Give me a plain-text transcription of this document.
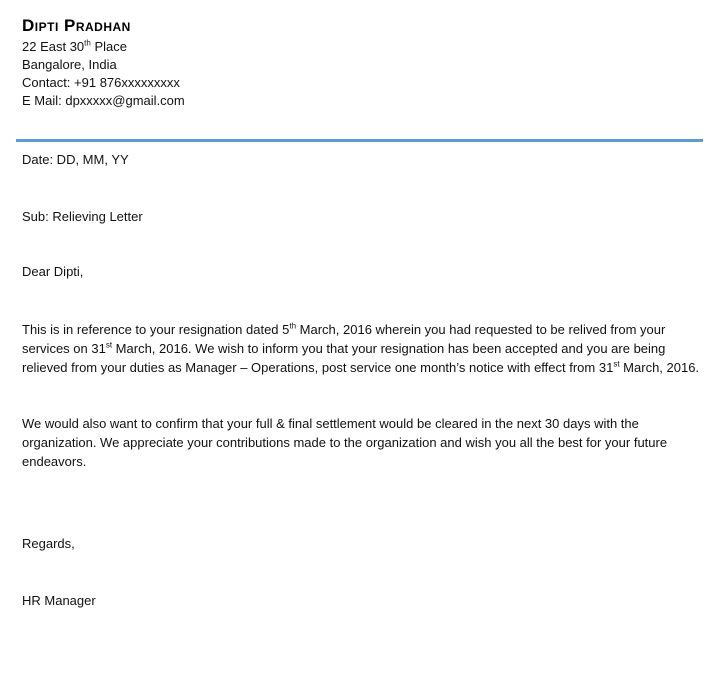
Dipti Pradhan
22 East 30th Place
Bangalore, India
Contact: +91 876xxxxxxxxx
E Mail: dpxxxxx@gmail.com
Date: DD, MM, YY
Sub: Relieving Letter
Dear Dipti,
This is in reference to your resignation dated 5th March, 2016 wherein you had requested to be relived from your services on 31st March, 2016. We wish to inform you that your resignation has been accepted and you are being relieved from your duties as Manager – Operations, post service one month’s notice with effect from 31st March, 2016.
We would also want to confirm that your full & final settlement would be cleared in the next 30 days with the organization. We appreciate your contributions made to the organization and wish you all the best for your future endeavors.
Regards,
HR Manager
